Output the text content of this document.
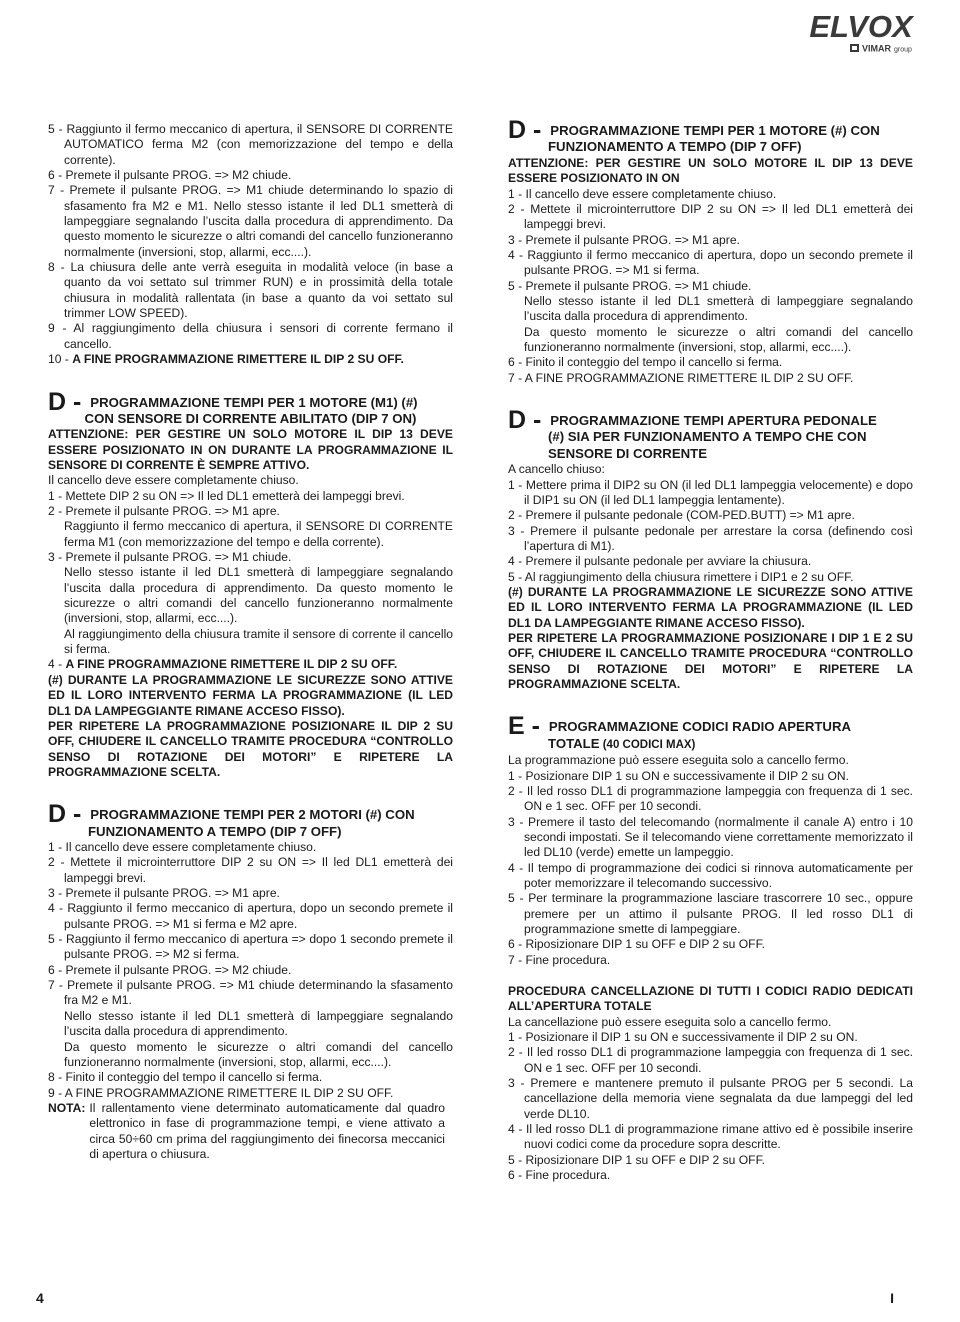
ELVOX
VIMAR group

5 - Raggiunto il fermo meccanico di apertura, il SENSORE DI CORRENTE AUTOMATICO ferma M2 (con memorizzazione del tempo e della corrente).

6 - Premete il pulsante PROG. => M2 chiude.

7 - Premete il pulsante PROG. => M1 chiude determinando lo spazio di sfasamento fra M2 e M1. Nello stesso istante il led DL1 smetterà di lampeggiare segnalando l’uscita dalla procedura di apprendimento. Da questo momento le sicurezze o altri comandi del cancello funzioneranno normalmente (inversioni, stop, allarmi, ecc....).

8 - La chiusura delle ante verrà eseguita in modalità veloce (in base a quanto da voi settato sul trimmer RUN) e in prossimità della totale chiusura in modalità rallentata (in base a quanto da voi settato sul trimmer LOW SPEED).

9 - Al raggiungimento della chiusura i sensori di corrente fermano il cancello.

10 - A FINE PROGRAMMAZIONE RIMETTERE IL DIP 2 SU OFF.

D - PROGRAMMAZIONE TEMPI PER 1 MOTORE (M1) (#)
CON SENSORE DI CORRENTE ABILITATO (DIP 7 ON)

ATTENZIONE: PER GESTIRE UN SOLO MOTORE IL DIP 13 DEVE ESSERE POSIZIONATO IN ON DURANTE LA PROGRAMMAZIONE IL SENSORE DI CORRENTE È SEMPRE ATTIVO.

Il cancello deve essere completamente chiuso.

1 - Mettete DIP 2 su ON => Il led DL1 emetterà dei lampeggi brevi.

2 - Premete il pulsante PROG. => M1 apre.

Raggiunto il fermo meccanico di apertura, il SENSORE DI CORRENTE ferma M1 (con memorizzazione del tempo e della corrente).

3 - Premete il pulsante PROG. => M1 chiude.

Nello stesso istante il led DL1 smetterà di lampeggiare segnalando l’uscita dalla procedura di apprendimento. Da questo momento le sicurezze o altri comandi del cancello funzioneranno normalmente (inversioni, stop, allarmi, ecc....).

Al raggiungimento della chiusura tramite il sensore di corrente il cancello si ferma.

4 - A FINE PROGRAMMAZIONE RIMETTERE IL DIP 2 SU OFF.

(#) DURANTE LA PROGRAMMAZIONE LE SICUREZZE SONO ATTIVE ED IL LORO INTERVENTO FERMA LA PROGRAMMAZIONE (IL LED DL1 DA LAMPEGGIANTE RIMANE ACCESO FISSO).

PER RIPETERE LA PROGRAMMAZIONE POSIZIONARE IL DIP 2 SU OFF, CHIUDERE IL CANCELLO TRAMITE PROCEDURA “CONTROLLO SENSO DI ROTAZIONE DEI MOTORI” E RIPETERE LA PROGRAMMAZIONE SCELTA.

D - PROGRAMMAZIONE TEMPI PER 2 MOTORI (#) CON
FUNZIONAMENTO A TEMPO (DIP 7 OFF)

1 - Il cancello deve essere completamente chiuso.

2 - Mettete il microinterruttore DIP 2 su ON => Il led DL1 emetterà dei lampeggi brevi.

3 - Premete il pulsante PROG. => M1 apre.

4 - Raggiunto il fermo meccanico di apertura, dopo un secondo premete il pulsante PROG. => M1 si ferma e M2 apre.

5 - Raggiunto il fermo meccanico di apertura => dopo 1 secondo premete il pulsante PROG. => M2 si ferma.

6 - Premete il pulsante PROG. => M2 chiude.

7 - Premete il pulsante PROG. => M1 chiude determinando la sfasamento fra M2 e M1.

Nello stesso istante il led DL1 smetterà di lampeggiare segnalando l’uscita dalla procedura di apprendimento.

Da questo momento le sicurezze o altri comandi del cancello funzioneranno normalmente (inversioni, stop, allarmi, ecc....).

8 - Finito il conteggio del tempo il cancello si ferma.

9 - A FINE PROGRAMMAZIONE RIMETTERE IL DIP 2 SU OFF.

NOTA: Il rallentamento viene determinato automaticamente dal quadro elettronico in fase di programmazione tempi, e viene attivato a circa 50÷60 cm prima del raggiungimento dei finecorsa meccanici di apertura o chiusura.
D - PROGRAMMAZIONE TEMPI PER 1 MOTORE (#) CON
FUNZIONAMENTO A TEMPO (DIP 7 OFF)

ATTENZIONE: PER GESTIRE UN SOLO MOTORE IL DIP 13 DEVE ESSERE POSIZIONATO IN ON

1 - Il cancello deve essere completamente chiuso.

2 - Mettete il microinterruttore DIP 2 su ON => Il led DL1 emetterà dei lampeggi brevi.

3 - Premete il pulsante PROG. => M1 apre.

4 - Raggiunto il fermo meccanico di apertura, dopo un secondo premete il pulsante PROG. => M1 si ferma.

5 - Premete il pulsante PROG. => M1 chiude.

Nello stesso istante il led DL1 smetterà di lampeggiare segnalando l’uscita dalla procedura di apprendimento.

Da questo momento le sicurezze o altri comandi del cancello funzioneranno normalmente (inversioni, stop, allarmi, ecc....).

6 - Finito il conteggio del tempo il cancello si ferma.

7 - A FINE PROGRAMMAZIONE RIMETTERE IL DIP 2 SU OFF.

D - PROGRAMMAZIONE TEMPI APERTURA PEDONALE
(#) SIA PER FUNZIONAMENTO A TEMPO CHE CON
SENSORE DI CORRENTE

A cancello chiuso:

1 - Mettere prima il DIP2 su ON (il led DL1 lampeggia velocemente) e dopo il DIP1 su ON (il led DL1 lampeggia lentamente).

2 - Premere il pulsante pedonale (COM-PED.BUTT) => M1 apre.

3 - Premere il pulsante pedonale per arrestare la corsa (definendo così l’apertura di M1).

4 - Premere il pulsante pedonale per avviare la chiusura.

5 - Al raggiungimento della chiusura rimettere i DIP1 e 2 su OFF.

(#) DURANTE LA PROGRAMMAZIONE LE SICUREZZE SONO ATTIVE ED IL LORO INTERVENTO FERMA LA PROGRAMMAZIONE (IL LED DL1 DA LAMPEGGIANTE RIMANE ACCESO FISSO).

PER RIPETERE LA PROGRAMMAZIONE POSIZIONARE I DIP 1 E 2 SU OFF, CHIUDERE IL CANCELLO TRAMITE PROCEDURA “CONTROLLO SENSO DI ROTAZIONE DEI MOTORI” E RIPETERE LA PROGRAMMAZIONE SCELTA.

E - PROGRAMMAZIONE CODICI RADIO APERTURA
TOTALE (40 CODICI MAX)

La programmazione può essere eseguita solo a cancello fermo.

1 - Posizionare DIP 1 su ON e successivamente il DIP 2 su ON.

2 - Il led rosso DL1 di programmazione lampeggia con frequenza di 1 sec. ON e 1 sec. OFF per 10 secondi.

3 - Premere il tasto del telecomando (normalmente il canale A) entro i 10 secondi impostati. Se il telecomando viene correttamente memorizzato il led DL10 (verde) emette un lampeggio.

4 - Il tempo di programmazione dei codici si rinnova automaticamente per poter memorizzare il telecomando successivo.

5 - Per terminare la programmazione lasciare trascorrere 10 sec., oppure premere per un attimo il pulsante PROG. Il led rosso DL1 di programmazione smette di lampeggiare.

6 - Riposizionare DIP 1 su OFF e DIP 2 su OFF.

7 - Fine procedura.

PROCEDURA CANCELLAZIONE DI TUTTI I CODICI RADIO DEDICATI ALL’APERTURA TOTALE

La cancellazione può essere eseguita solo a cancello fermo.

1 - Posizionare il DIP 1 su ON e successivamente il DIP 2 su ON.

2 - Il led rosso DL1 di programmazione lampeggia con frequenza di 1 sec. ON e 1 sec. OFF per 10 secondi.

3 - Premere e mantenere premuto il pulsante PROG per 5 secondi. La cancellazione della memoria viene segnalata da due lampeggi del led verde DL10.

4 - Il led rosso DL1 di programmazione rimane attivo ed è possibile inserire nuovi codici come da procedure sopra descritte.

5 - Riposizionare DIP 1 su OFF e DIP 2 su OFF.

6 - Fine procedura.

4	I
